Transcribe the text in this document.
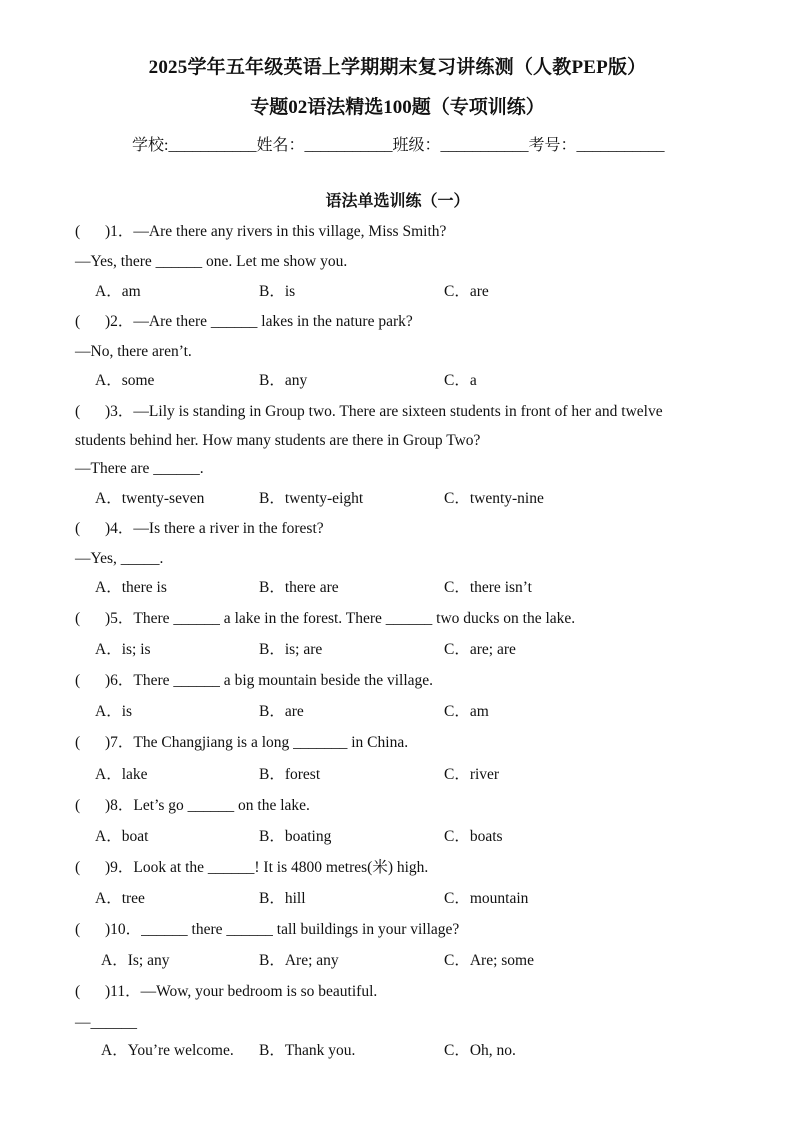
2025学年五年级英语上学期期末复习讲练测（人教PEP版）
专题02语法精选100题（专项训练）
学校:___________姓名：___________班级：___________考号：___________
语法单选训练（一）
( )1．—Are there any rivers in this village, Miss Smith?
—Yes, there ______ one. Let me show you.
A．am	B．is	C．are
( )2．—Are there ______ lakes in the nature park?
—No, there aren’t.
A．some	B．any	C．a
( )3．—Lily is standing in Group two. There are sixteen students in front of her and twelve
students behind her. How many students are there in Group Two?
—There are ______.
A．twenty-seven	B．twenty-eight	C．twenty-nine
( )4．—Is there a river in the forest?
—Yes, _____.
A．there is	B．there are	C．there isn’t
( )5．There ______ a lake in the forest. There ______ two ducks on the lake.
A．is; is	B．is; are	C．are; are
( )6．There ______ a big mountain beside the village.
A．is	B．are	C．am
( )7．The Changjiang is a long _______ in China.
A．lake	B．forest	C．river
( )8．Let’s go ______ on the lake.
A．boat	B．boating	C．boats
( )9．Look at the ______! It is 4800 metres(米) high.
A．tree	B．hill	C．mountain
( )10．______ there ______ tall buildings in your village?
A．Is; any	B．Are; any	C．Are; some
( )11．—Wow, your bedroom is so beautiful.
—______
A．You’re welcome. B．Thank you.	C．Oh, no.
